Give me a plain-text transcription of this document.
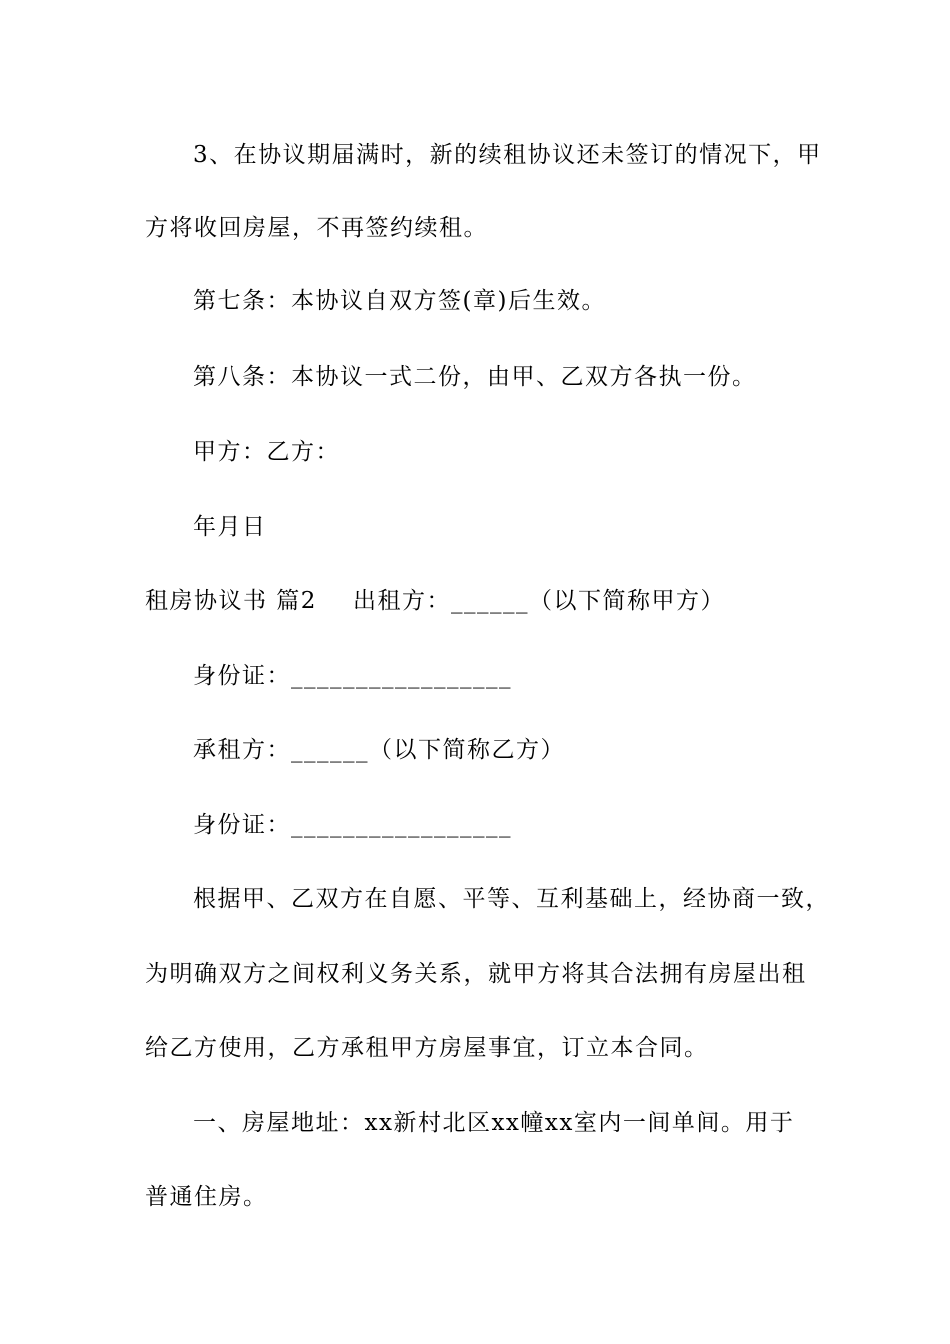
3、在协议期届满时，新的续租协议还未签订的情况下，甲
方将收回房屋，不再签约续租。
第七条：本协议自双方签(章)后生效。
第八条：本协议一式二份，由甲、乙双方各执一份。
甲方：乙方：
年月日
租房协议书 篇2 出租方：______（以下简称甲方）
身份证：_________________
承租方：______（以下简称乙方）
身份证：_________________
根据甲、乙双方在自愿、平等、互利基础上，经协商一致，
为明确双方之间权利义务关系，就甲方将其合法拥有房屋出租
给乙方使用，乙方承租甲方房屋事宜，订立本合同。
一、房屋地址：xx新村北区xx幢xx室内一间单间。用于
普通住房。
